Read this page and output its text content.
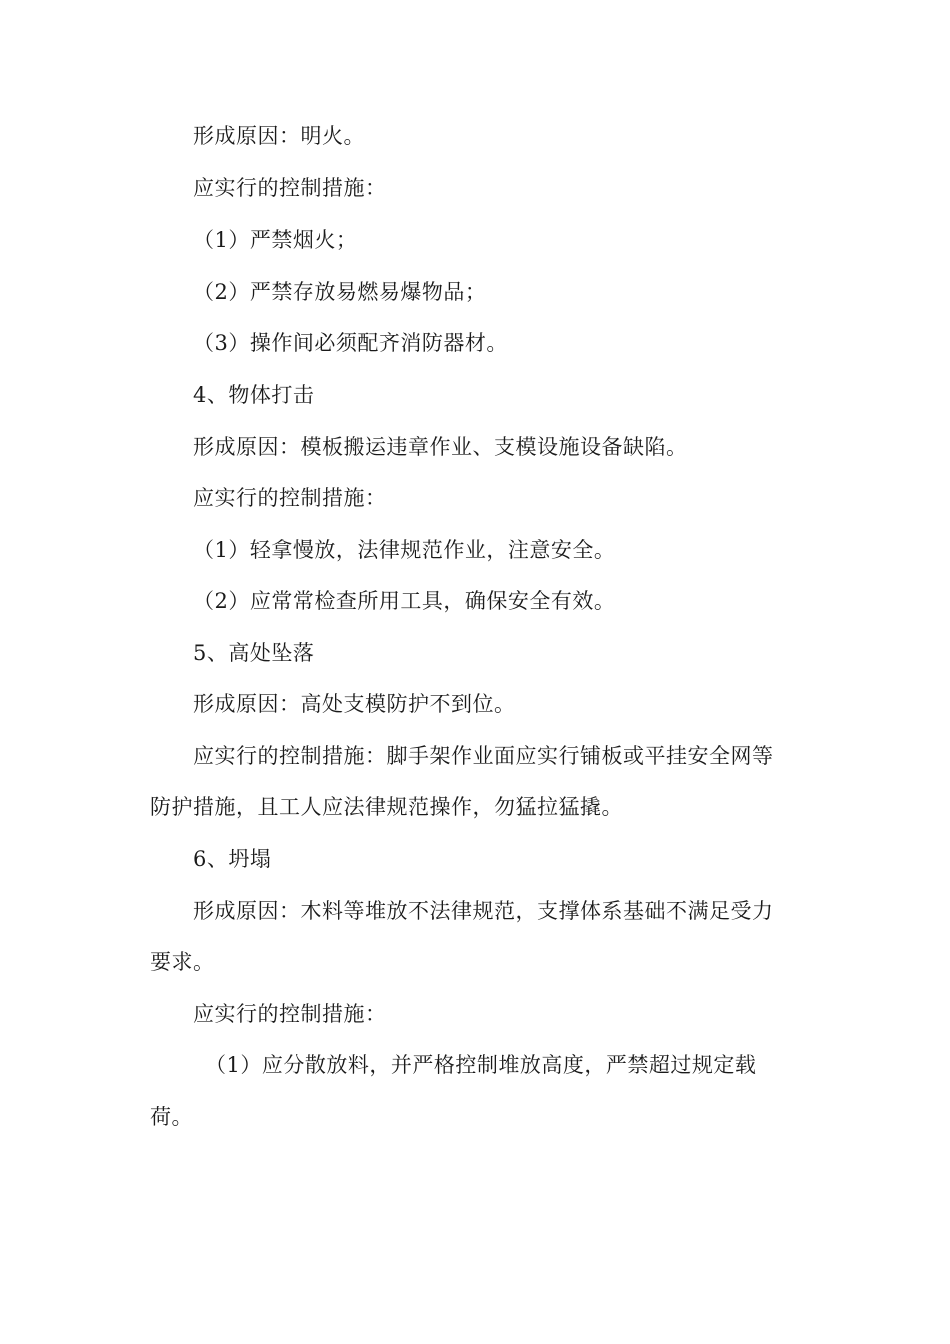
形成原因：明火。
应实行的控制措施：
（1）严禁烟火；
（2）严禁存放易燃易爆物品；
（3）操作间必须配齐消防器材。
4、物体打击
形成原因：模板搬运违章作业、支模设施设备缺陷。
应实行的控制措施：
（1）轻拿慢放，法律规范作业，注意安全。
（2）应常常检查所用工具，确保安全有效。
5、高处坠落
形成原因：高处支模防护不到位。
应实行的控制措施：脚手架作业面应实行铺板或平挂安全网等
防护措施，且工人应法律规范操作，勿猛拉猛撬。
6、坍塌
形成原因：木料等堆放不法律规范，支撑体系基础不满足受力
要求。
应实行的控制措施：
（1）应分散放料，并严格控制堆放高度，严禁超过规定载
荷。
